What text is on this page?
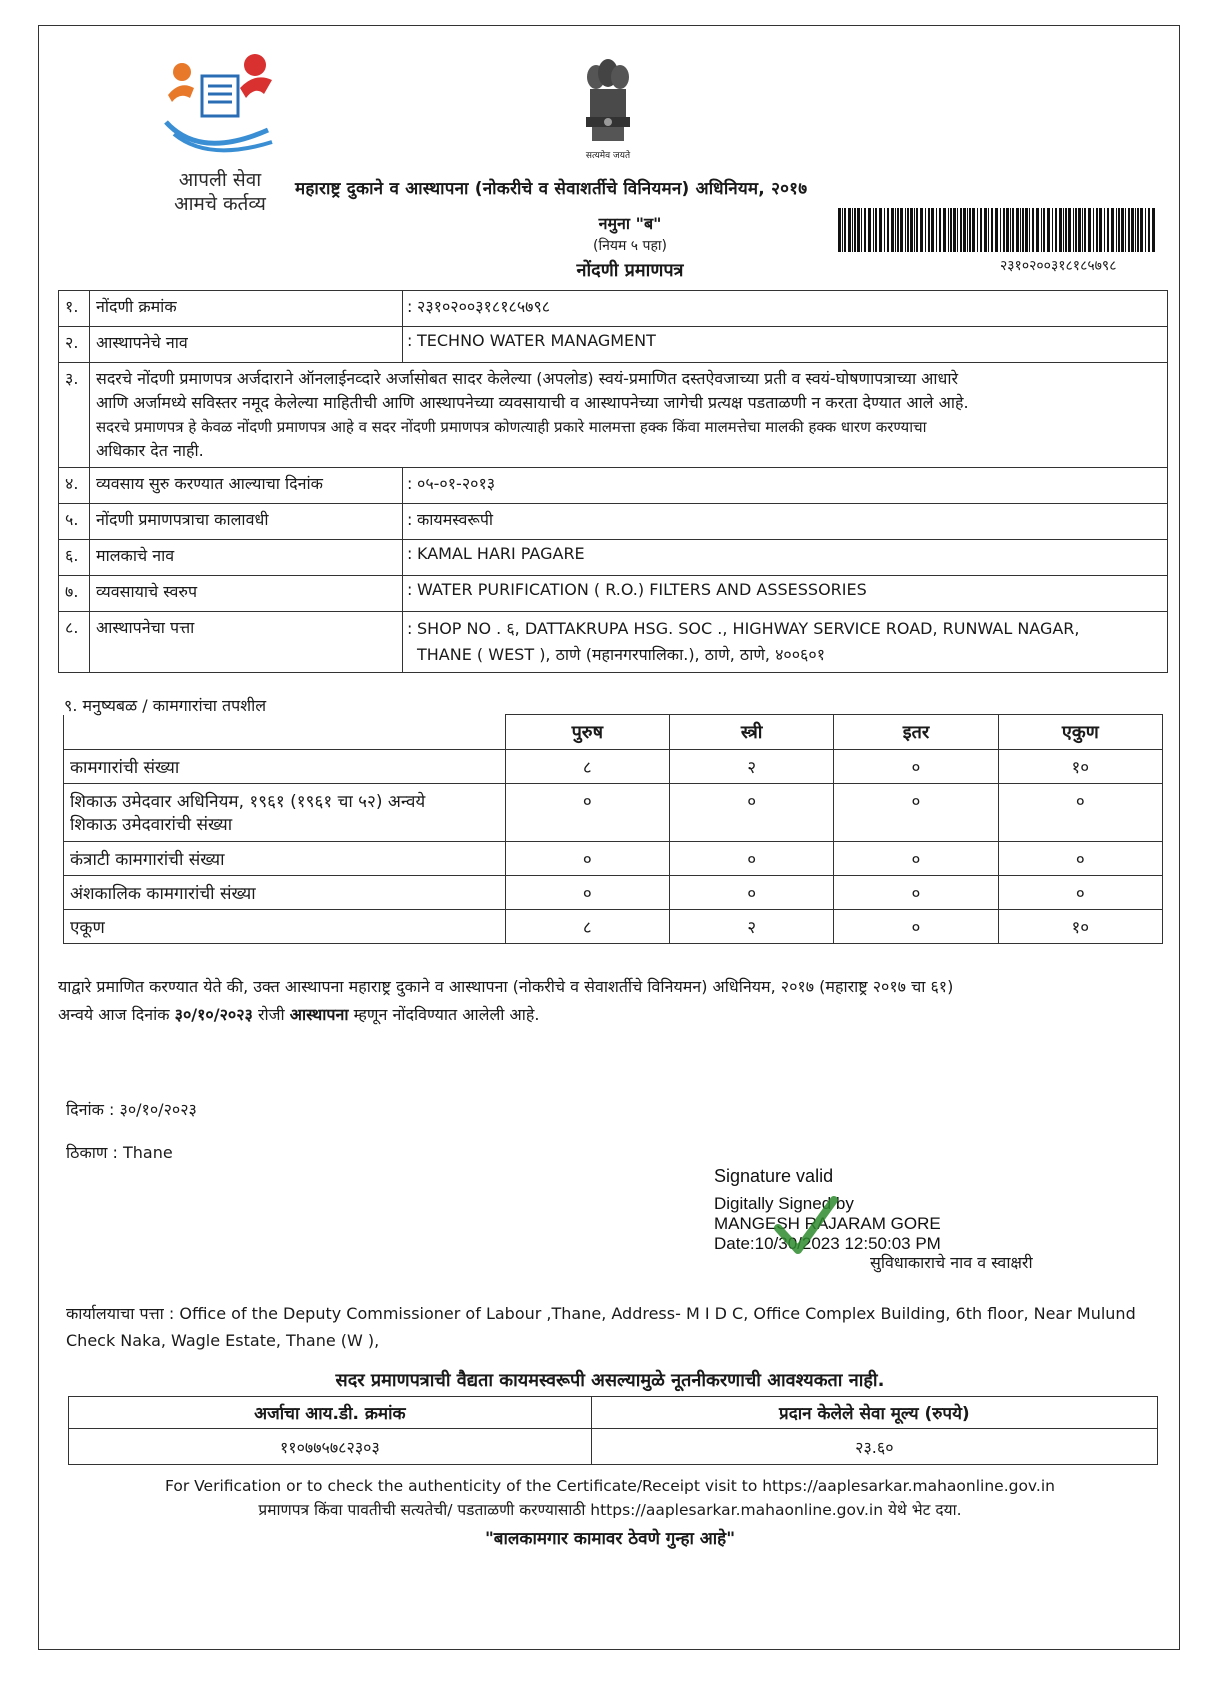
आपली सेवा
आमचे कर्तव्य
सत्यमेव जयते
महाराष्ट्र दुकाने व आस्थापना (नोकरीचे व सेवाशर्तीचे विनियमन) अधिनियम, २०१७
२३१०२००३१८१८५७९८
नमुना "ब"
(नियम ५ पहा)
नोंदणी प्रमाणपत्र
१.	नोंदणी क्रमांक	: २३१०२००३१८१८५७९८
२.	आस्थापनेचे नाव	: TECHNO WATER MANAGMENT
३.	सदरचे नोंदणी प्रमाणपत्र अर्जदाराने ऑनलाईनव्दारे अर्जासोबत सादर केलेल्या (अपलोड) स्वयं-प्रमाणित दस्तऐवजाच्या प्रती व स्वयं-घोषणापत्राच्या आधारे
आणि अर्जामध्ये सविस्तर नमूद केलेल्या माहितीची आणि आस्थापनेच्या व्यवसायाची व आस्थापनेच्या जागेची प्रत्यक्ष पडताळणी न करता देण्यात आले आहे.
सदरचे प्रमाणपत्र हे केवळ नोंदणी प्रमाणपत्र आहे व सदर नोंदणी प्रमाणपत्र कोणत्याही प्रकारे मालमत्ता हक्क किंवा मालमत्तेचा मालकी हक्क धारण करण्याचा
अधिकार देत नाही.	

४.	व्यवसाय सुरु करण्यात आल्याचा दिनांक	: ०५-०१-२०१३
५.	नोंदणी प्रमाणपत्राचा कालावधी	: कायमस्वरूपी
६.	मालकाचे नाव	: KAMAL HARI PAGARE
७.	व्यवसायाचे स्वरुप	: WATER PURIFICATION ( R.O.) FILTERS AND ASSESSORIES
८.	आस्थापनेचा पत्ता	: SHOP NO . ६, DATTAKRUPA HSG. SOC ., HIGHWAY SERVICE ROAD, RUNWAL NAGAR,
THANE ( WEST ), ठाणे (महानगरपालिका.), ठाणे, ठाणे, ४००६०१
९. मनुष्यबळ / कामगारांचा तपशील
	पुरुष	स्त्री	इतर	एकुण
कामगारांची संख्या	८	२	०	१०

शिकाऊ उमेदवार अधिनियम, १९६१ (१९६१ चा ५२) अन्वये
शिकाऊ उमेदवारांची संख्या	०	०	०	०
कंत्राटी कामगारांची संख्या	०	०	०	०
अंशकालिक कामगारांची संख्या	०	०	०	०
एकूण	८	२	०	१०
याद्वारे प्रमाणित करण्यात येते की, उक्त आस्थापना महाराष्ट्र दुकाने व आस्थापना (नोकरीचे व सेवाशर्तीचे विनियमन) अधिनियम, २०१७ (महाराष्ट्र २०१७ चा ६१)
अन्वये आज दिनांक ३०/१०/२०२३ रोजी आस्थापना म्हणून नोंदविण्यात आलेली आहे.
दिनांक : ३०/१०/२०२३
ठिकाण : Thane
Signature valid
Digitally Signed by
MANGESH RAJARAM GORE
Date:10/30/2023 12:50:03 PM
सुविधाकाराचे नाव व स्वाक्षरी
कार्यालयाचा पत्ता : Office of the Deputy Commissioner of Labour ,Thane, Address- M I D C, Office Complex Building, 6th floor, Near Mulund
Check Naka, Wagle Estate, Thane (W ),
सदर प्रमाणपत्राची वैद्यता कायमस्वरूपी असल्यामुळे नूतनीकरणाची आवश्यकता नाही.
अर्जाचा आय.डी. क्रमांक	प्रदान केलेले सेवा मूल्य (रुपये)
११०७७५७८२३०३	२३.६०
For Verification or to check the authenticity of the Certificate/Receipt visit to https://aaplesarkar.mahaonline.gov.in
प्रमाणपत्र किंवा पावतीची सत्यतेची/ पडताळणी करण्यासाठी https://aaplesarkar.mahaonline.gov.in येथे भेट दया.
"बालकामगार कामावर ठेवणे गुन्हा आहे"
